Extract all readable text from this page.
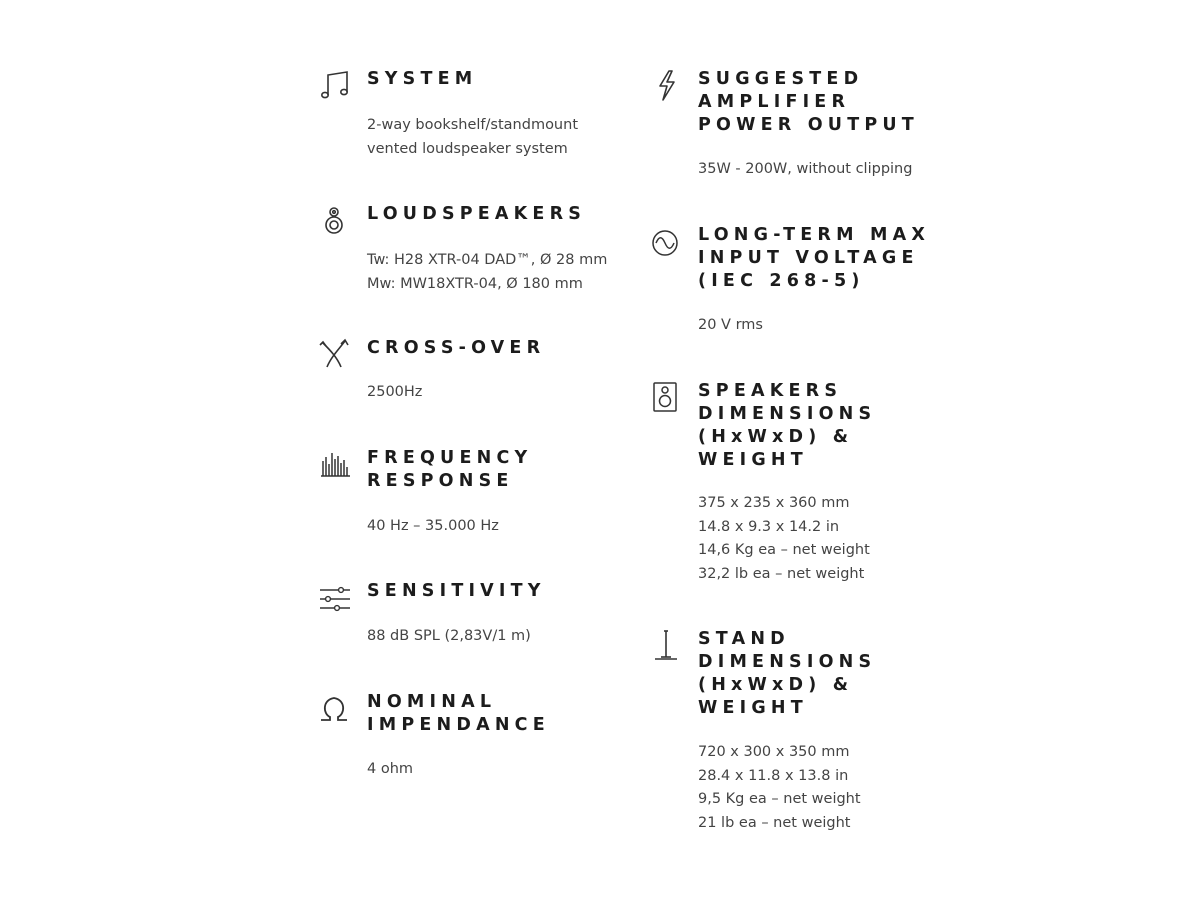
SYSTEM

2-way bookshelf/standmount
vented loudspeaker system

LOUDSPEAKERS

Tw: H28 XTR-04 DAD™, Ø 28 mm
Mw: MW18XTR-04, Ø 180 mm

CROSS-OVER

2500Hz

FREQUENCY
RESPONSE

40 Hz – 35.000 Hz

SENSITIVITY

88 dB SPL (2,83V/1 m)

NOMINAL
IMPENDANCE

4 ohm

SUGGESTED
AMPLIFIER
POWER OUTPUT

35W - 200W, without clipping

LONG-TERM MAX
INPUT VOLTAGE
(IEC 268-5)

20 V rms

SPEAKERS
DIMENSIONS
(HxWxD) &
WEIGHT

375 x 235 x 360 mm
14.8 x 9.3 x 14.2 in
14,6 Kg ea – net weight
32,2 lb ea – net weight

STAND
DIMENSIONS
(HxWxD) &
WEIGHT

720 x 300 x 350 mm
28.4 x 11.8 x 13.8 in
9,5 Kg ea – net weight
21 lb ea – net weight
